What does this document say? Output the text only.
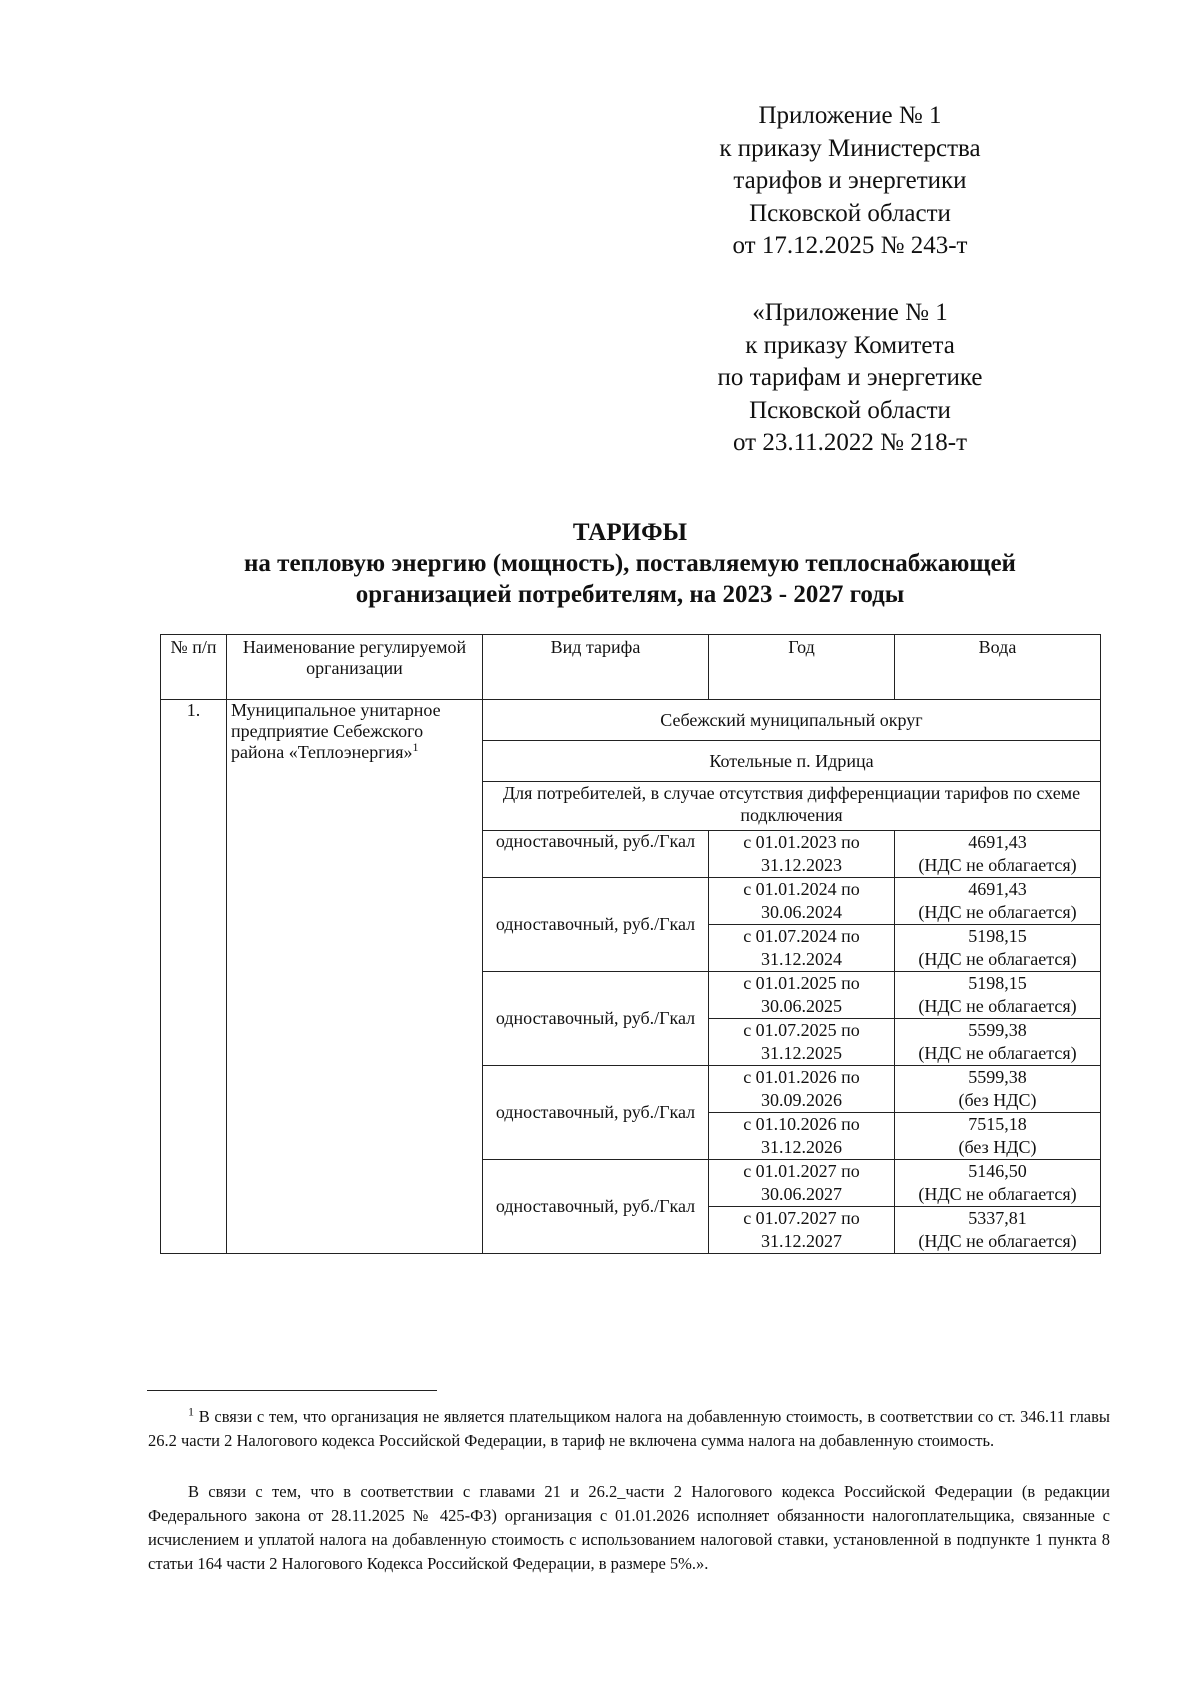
Приложение № 1
к приказу Министерства
тарифов и энергетики
Псковской области
от 17.12.2025 № 243-т
«Приложение № 1
к приказу Комитета
по тарифам и энергетике
Псковской области
от 23.11.2022 № 218-т
ТАРИФЫ
на тепловую энергию (мощность), поставляемую теплоснабжающей
организацией потребителям, на 2023 - 2027 годы
№ п/п	Наименование регулируемой организации	Вид тарифа	Год	Вода
1.	Муниципальное унитарное предприятие Себежского района «Теплоэнергия»$^1$	Себежский муниципальный округ		
		Котельные п. Идрица		
		Для потребителей, в случае отсутствия дифференциации тарифов по схеме подключения		
		одноставочный, руб./Гкал	с 01.01.2023 по 31.12.2023	4691,43
(НДС не облагается)
		одноставочный, руб./Гкал	с 01.01.2024 по 30.06.2024	4691,43
(НДС не облагается)
			с 01.07.2024 по 31.12.2024	5198,15
(НДС не облагается)
		одноставочный, руб./Гкал	с 01.01.2025 по 30.06.2025	5198,15
(НДС не облагается)
			с 01.07.2025 по 31.12.2025	5599,38
(НДС не облагается)
		одноставочный, руб./Гкал	с 01.01.2026 по 30.09.2026	5599,38
(без НДС)
			с 01.10.2026 по 31.12.2026	7515,18
(без НДС)
		одноставочный, руб./Гкал	с 01.01.2027 по 30.06.2027	5146,50
(НДС не облагается)
			с 01.07.2027 по 31.12.2027	5337,81
(НДС не облагается)
$^1$ В связи с тем, что организация не является плательщиком налога на добавленную стоимость, в соответствии со ст. 346.11 главы 26.2 части 2 Налогового кодекса Российской Федерации, в тариф не включена сумма налога на добавленную стоимость.
В связи с тем, что в соответствии с главами 21 и 26.2_части 2 Налогового кодекса Российской Федерации (в редакции Федерального закона от 28.11.2025 № 425-ФЗ) организация с 01.01.2026 исполняет обязанности налогоплательщика, связанные с исчислением и уплатой налога на добавленную стоимость с использованием налоговой ставки, установленной в подпункте 1 пункта 8 статьи 164 части 2 Налогового Кодекса Российской Федерации, в размере 5%.».
